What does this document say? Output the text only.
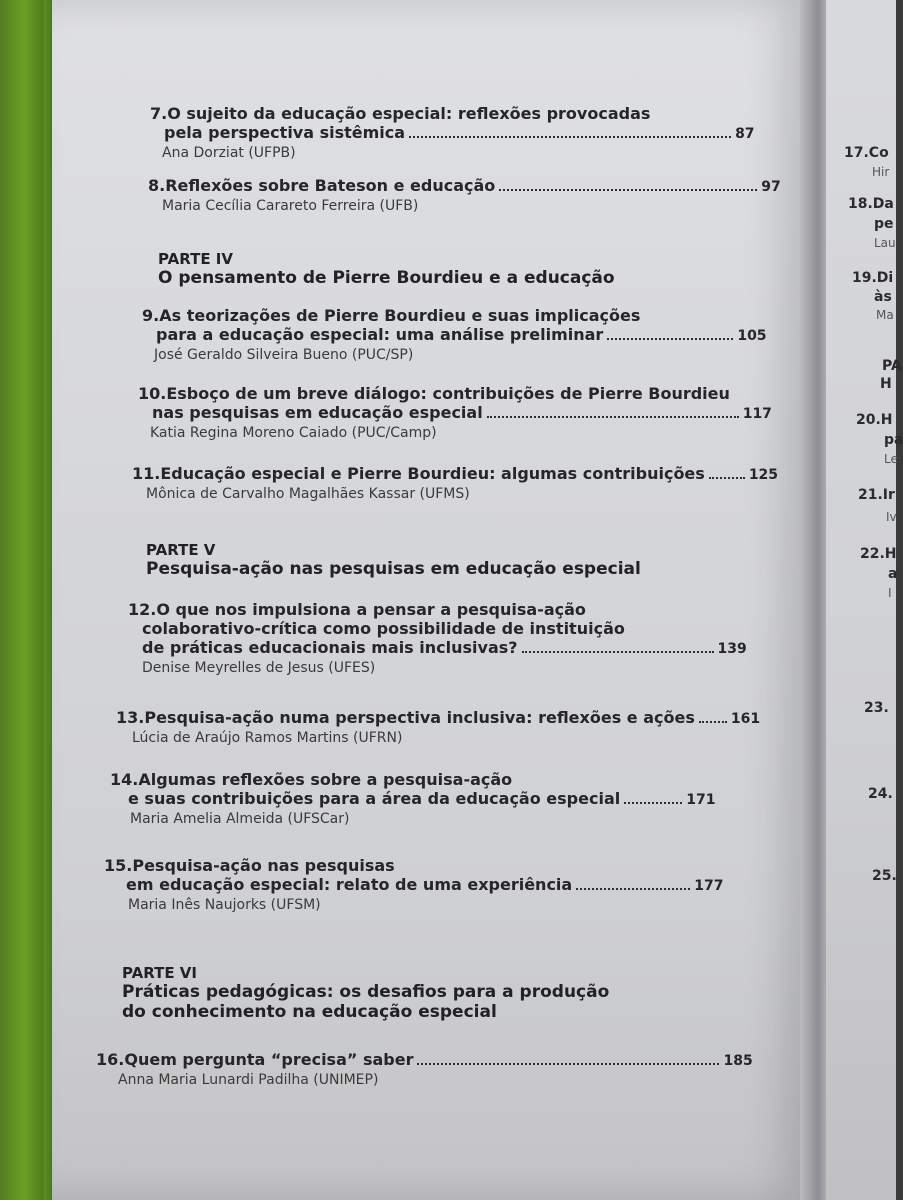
17.Co
Hir
18.Da
pe
Lau
19.Di
às
Ma
PA
H
20.H
pa
Le
21.Ir
Iv
22.H
a
I
23.
24.
25.
7.O sujeito da educação especial: reflexões provocadas
pela perspectiva sistêmica	87
Ana Dorziat (UFPB)
8.Reflexões sobre Bateson e educação	97
Maria Cecília Carareto Ferreira (UFB)
PARTE IV
O pensamento de Pierre Bourdieu e a educação
9.As teorizações de Pierre Bourdieu e suas implicações
para a educação especial: uma análise preliminar	105
José Geraldo Silveira Bueno (PUC/SP)
10.Esboço de um breve diálogo: contribuições de Pierre Bourdieu
nas pesquisas em educação especial	117
Katia Regina Moreno Caiado (PUC/Camp)
11.Educação especial e Pierre Bourdieu: algumas contribuições	125
Mônica de Carvalho Magalhães Kassar (UFMS)
PARTE V
Pesquisa-ação nas pesquisas em educação especial
12.O que nos impulsiona a pensar a pesquisa-ação
colaborativo-crítica como possibilidade de instituição
de práticas educacionais mais inclusivas?	139
Denise Meyrelles de Jesus (UFES)
13.Pesquisa-ação numa perspectiva inclusiva: reflexões e ações	161
Lúcia de Araújo Ramos Martins (UFRN)
14.Algumas reflexões sobre a pesquisa-ação
e suas contribuições para a área da educação especial	171
Maria Amelia Almeida (UFSCar)
15.Pesquisa-ação nas pesquisas
em educação especial: relato de uma experiência	177
Maria Inês Naujorks (UFSM)
PARTE VI
Práticas pedagógicas: os desafios para a produção
do conhecimento na educação especial
16.Quem pergunta “precisa” saber	185
Anna Maria Lunardi Padilha (UNIMEP)
